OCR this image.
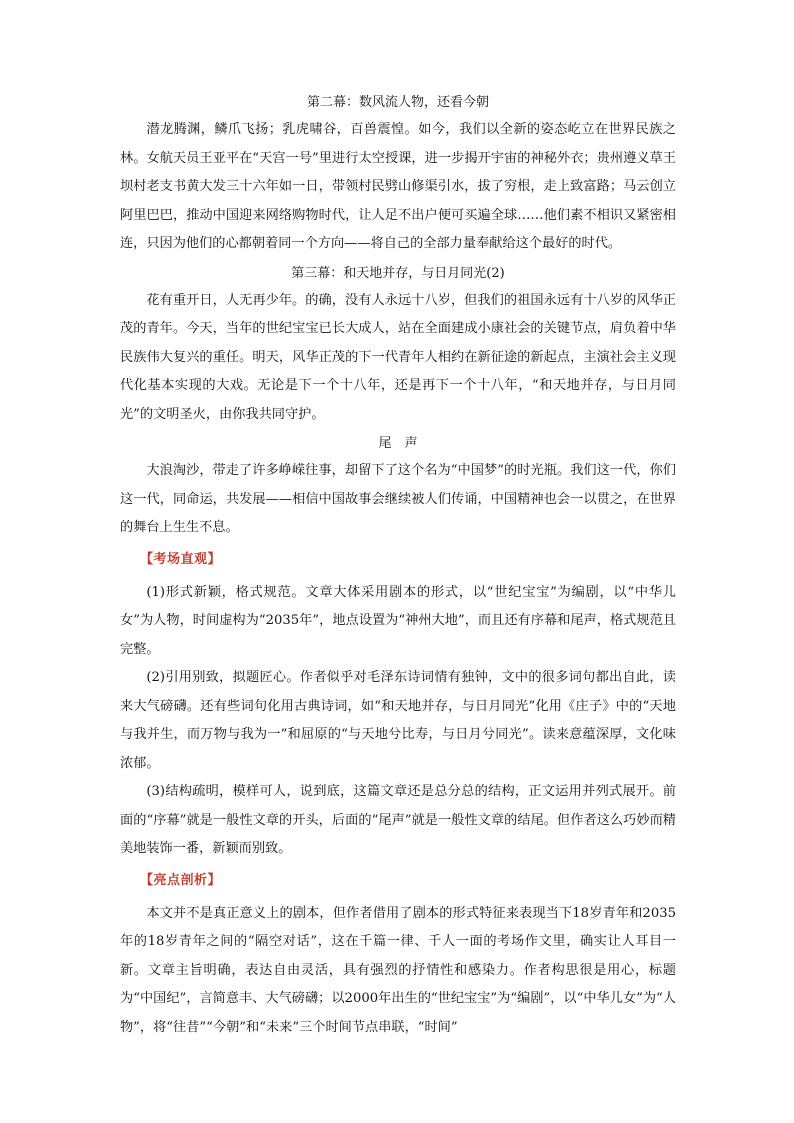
第二幕：数风流人物，还看今朝

潜龙腾渊，鳞爪飞扬；乳虎啸谷，百兽震惶。如今，我们以全新的姿态屹立在世界民族之林。女航天员王亚平在“天宫一号”里进行太空授课，进一步揭开宇宙的神秘外衣；贵州遵义草王坝村老支书黄大发三十六年如一日，带领村民劈山修渠引水，拔了穷根，走上致富路；马云创立阿里巴巴，推动中国迎来网络购物时代，让人足不出户便可买遍全球……他们素不相识又紧密相连，只因为他们的心都朝着同一个方向——将自己的全部力量奉献给这个最好的时代。

第三幕：和天地并存，与日月同光(2)

花有重开日，人无再少年。的确，没有人永远十八岁，但我们的祖国永远有十八岁的风华正茂的青年。今天，当年的世纪宝宝已长大成人，站在全面建成小康社会的关键节点，肩负着中华民族伟大复兴的重任。明天，风华正茂的下一代青年人相约在新征途的新起点，主演社会主义现代化基本实现的大戏。无论是下一个十八年，还是再下一个十八年，“和天地并存，与日月同光”的文明圣火，由你我共同守护。

尾　声

大浪淘沙，带走了许多峥嵘往事，却留下了这个名为“中国梦”的时光瓶。我们这一代，你们这一代，同命运，共发展——相信中国故事会继续被人们传诵，中国精神也会一以贯之，在世界的舞台上生生不息。

【考场直观】

(1)形式新颖，格式规范。文章大体采用剧本的形式，以“世纪宝宝”为编剧，以“中华儿女”为人物，时间虚构为“2035年”，地点设置为“神州大地”，而且还有序幕和尾声，格式规范且完整。

(2)引用别致，拟题匠心。作者似乎对毛泽东诗词情有独钟，文中的很多词句都出自此，读来大气磅礴。还有些词句化用古典诗词，如“和天地并存，与日月同光”化用《庄子》中的“天地与我并生，而万物与我为一”和屈原的“与天地兮比寿，与日月兮同光”。读来意蕴深厚，文化味浓郁。

(3)结构疏明，模样可人，说到底，这篇文章还是总分总的结构，正文运用并列式展开。前面的“序幕”就是一般性文章的开头，后面的“尾声”就是一般性文章的结尾。但作者这么巧妙而精美地装饰一番，新颖而别致。

【亮点剖析】

本文并不是真正意义上的剧本，但作者借用了剧本的形式特征来表现当下18岁青年和2035年的18岁青年之间的“隔空对话”，这在千篇一律、千人一面的考场作文里，确实让人耳目一新。文章主旨明确，表达自由灵活，具有强烈的抒情性和感染力。作者构思很是用心，标题为“中国纪”，言简意丰、大气磅礴；以2000年出生的“世纪宝宝”为“编剧”，以“中华儿女”为“人物”，将“往昔”“今朝”和“未来”三个时间节点串联，“时间”
